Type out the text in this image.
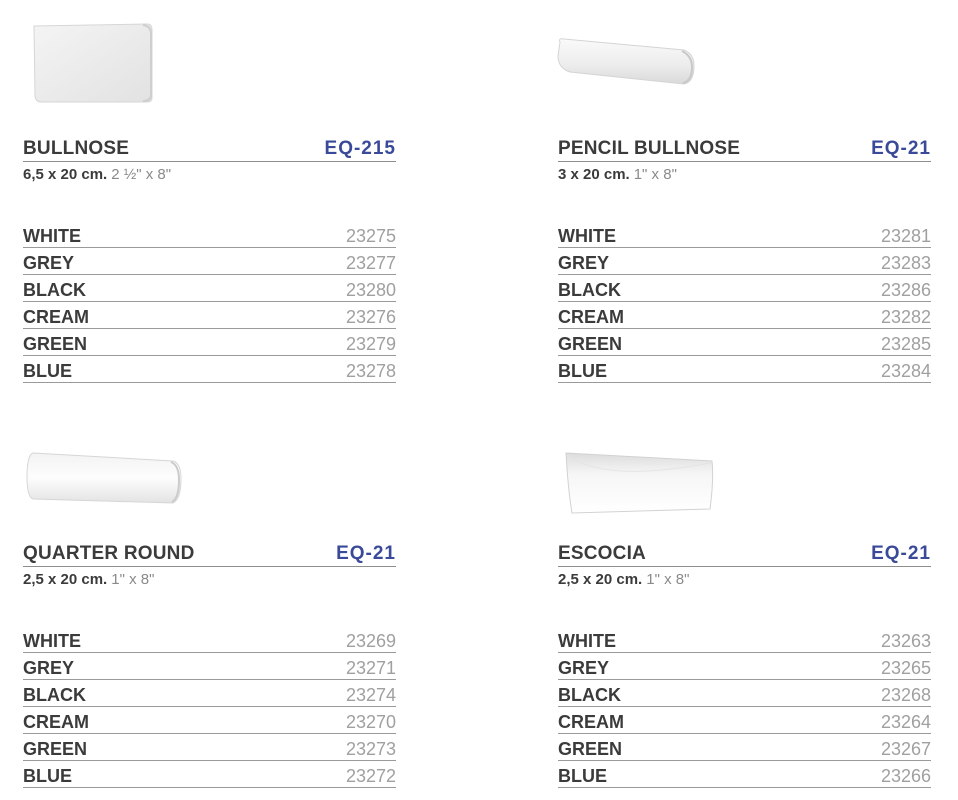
BULLNOSE	EQ-215
6,5 x 20 cm. 2 ½" x 8"
WHITE	23275
GREY	23277
BLACK	23280
CREAM	23276
GREEN	23279
BLUE	23278
PENCIL BULLNOSE	EQ-21
3 x 20 cm. 1" x 8"
WHITE	23281
GREY	23283
BLACK	23286
CREAM	23282
GREEN	23285
BLUE	23284
QUARTER ROUND	EQ-21
2,5 x 20 cm. 1" x 8"
WHITE	23269
GREY	23271
BLACK	23274
CREAM	23270
GREEN	23273
BLUE	23272
ESCOCIA	EQ-21
2,5 x 20 cm. 1" x 8"
WHITE	23263
GREY	23265
BLACK	23268
CREAM	23264
GREEN	23267
BLUE	23266
